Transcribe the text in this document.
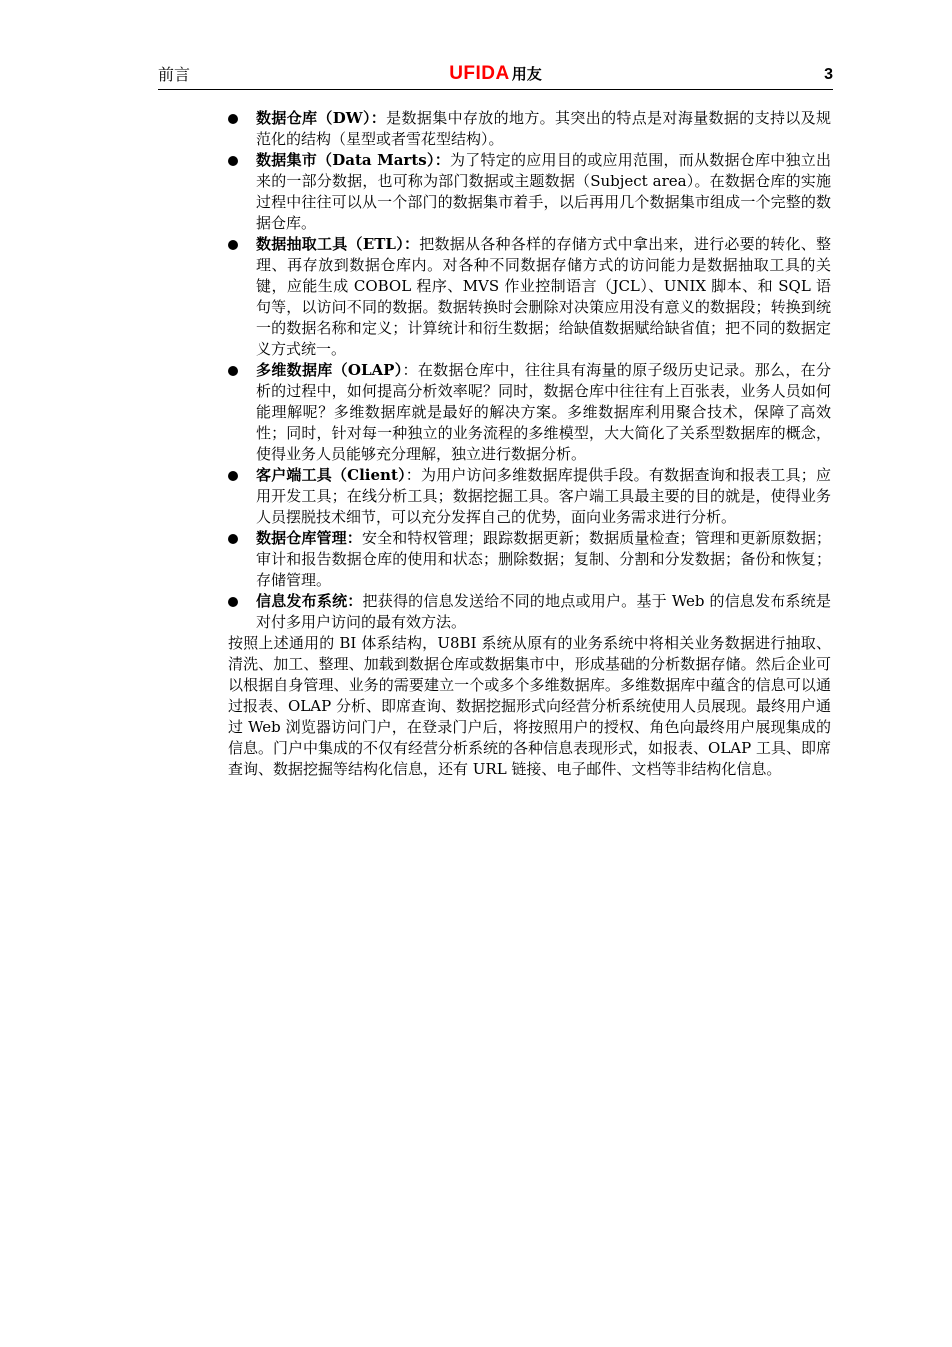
前言	UFIDA 用友	3
数据仓库（DW）：是数据集中存放的地方。其突出的特点是对海量数据的支持以及规范化的结构（星型或者雪花型结构）。
数据集市（Data Marts）：为了特定的应用目的或应用范围，而从数据仓库中独立出来的一部分数据，也可称为部门数据或主题数据（Subject area）。在数据仓库的实施过程中往往可以从一个部门的数据集市着手，以后再用几个数据集市组成一个完整的数据仓库。
数据抽取工具（ETL）：把数据从各种各样的存储方式中拿出来，进行必要的转化、整理、再存放到数据仓库内。对各种不同数据存储方式的访问能力是数据抽取工具的关键，应能生成 COBOL 程序、MVS 作业控制语言（JCL）、UNIX 脚本、和 SQL 语句等，以访问不同的数据。数据转换时会删除对决策应用没有意义的数据段；转换到统一的数据名称和定义；计算统计和衍生数据；给缺值数据赋给缺省值；把不同的数据定义方式统一。
多维数据库（OLAP）：在数据仓库中，往往具有海量的原子级历史记录。那么，在分析的过程中，如何提高分析效率呢？同时，数据仓库中往往有上百张表，业务人员如何能理解呢？多维数据库就是最好的解决方案。多维数据库利用聚合技术，保障了高效性；同时，针对每一种独立的业务流程的多维模型，大大简化了关系型数据库的概念，使得业务人员能够充分理解，独立进行数据分析。
客户端工具（Client）：为用户访问多维数据库提供手段。有数据查询和报表工具；应用开发工具；在线分析工具；数据挖掘工具。客户端工具最主要的目的就是，使得业务人员摆脱技术细节，可以充分发挥自己的优势，面向业务需求进行分析。
数据仓库管理：安全和特权管理；跟踪数据更新；数据质量检查；管理和更新原数据；审计和报告数据仓库的使用和状态；删除数据；复制、分割和分发数据；备份和恢复；存储管理。
信息发布系统：把获得的信息发送给不同的地点或用户。基于 Web 的信息发布系统是对付多用户访问的最有效方法。

按照上述通用的 BI 体系结构，U8BI 系统从原有的业务系统中将相关业务数据进行抽取、清洗、加工、整理、加载到数据仓库或数据集市中，形成基础的分析数据存储。然后企业可以根据自身管理、业务的需要建立一个或多个多维数据库。多维数据库中蕴含的信息可以通过报表、OLAP 分析、即席查询、数据挖掘形式向经营分析系统使用人员展现。最终用户通过 Web 浏览器访问门户，在登录门户后，将按照用户的授权、角色向最终用户展现集成的信息。门户中集成的不仅有经营分析系统的各种信息表现形式，如报表、OLAP 工具、即席查询、数据挖掘等结构化信息，还有 URL 链接、电子邮件、文档等非结构化信息。
